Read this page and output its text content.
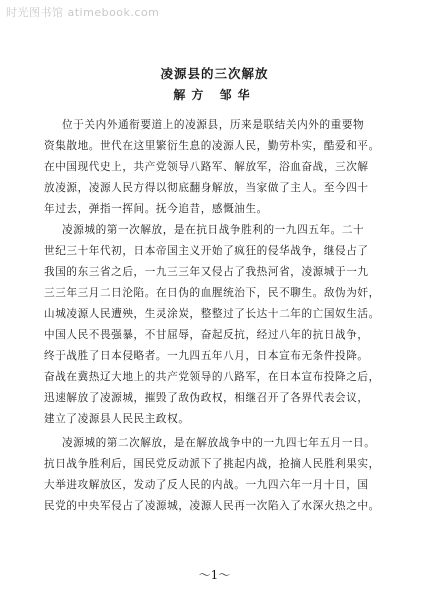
时光图书馆 atimebook.com
凌源县的三次解放
解方 邹华
位于关内外通衔要道上的凌源县，历来是联结关内外的重要物
资集散地。世代在这里繁衍生息的凌源人民，勤劳朴实，酷爱和平。
在中国现代史上，共产党领导八路军、解放军，浴血奋战，三次解
放凌源，凌源人民方得以彻底翻身解放，当家做了主人。至今四十
年过去，弹指一挥间。抚今追昔，感慨油生。
凌源城的第一次解放，是在抗日战争胜利的一九四五年。二十
世纪三十年代初，日本帝国主义开始了疯狂的侵华战争，继侵占了
我国的东三省之后，一九三三年又侵占了我热河省，凌源城于一九
三三年三月二日沦陷。在日伪的血腥统治下，民不聊生。敌伪为奸，
山城凌源人民遭殃，生灵涂炭，整整过了长达十二年的亡国奴生活。
中国人民不畏强暴，不甘屈辱，奋起反抗，经过八年的抗日战争，
终于战胜了日本侵略者。一九四五年八月，日本宣布无条件投降。
奋战在冀热辽大地上的共产党领导的八路军，在日本宣布投降之后，
迅速解放了凌源城，摧毁了敌伪政权，相继召开了各界代表会议，
建立了凌源县人民民主政权。
凌源城的第二次解放，是在解放战争中的一九四七年五月一日。
抗日战争胜利后，国民党反动派下了挑起内战，抢摘人民胜利果实，
大举进攻解放区，发动了反人民的内战。一九四六年一月十日，国
民党的中央军侵占了凌源城，凌源人民再一次陷入了水深火热之中。
～1～
